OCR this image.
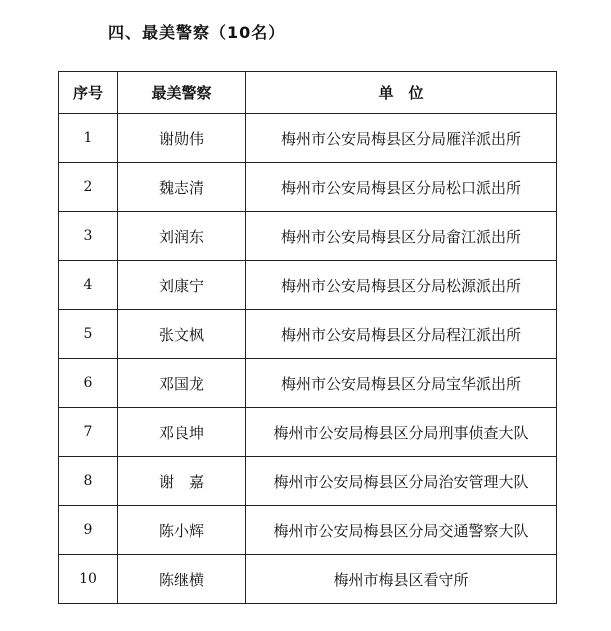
四、最美警察（10名）
序号	最美警察	单　位
1	谢勋伟	梅州市公安局梅县区分局雁洋派出所
2	魏志清	梅州市公安局梅县区分局松口派出所
3	刘润东	梅州市公安局梅县区分局畲江派出所
4	刘康宁	梅州市公安局梅县区分局松源派出所
5	张文枫	梅州市公安局梅县区分局程江派出所
6	邓国龙	梅州市公安局梅县区分局宝华派出所
7	邓良坤	梅州市公安局梅县区分局刑事侦查大队
8	谢　嘉	梅州市公安局梅县区分局治安管理大队
9	陈小辉	梅州市公安局梅县区分局交通警察大队
10	陈继横	梅州市梅县区看守所
